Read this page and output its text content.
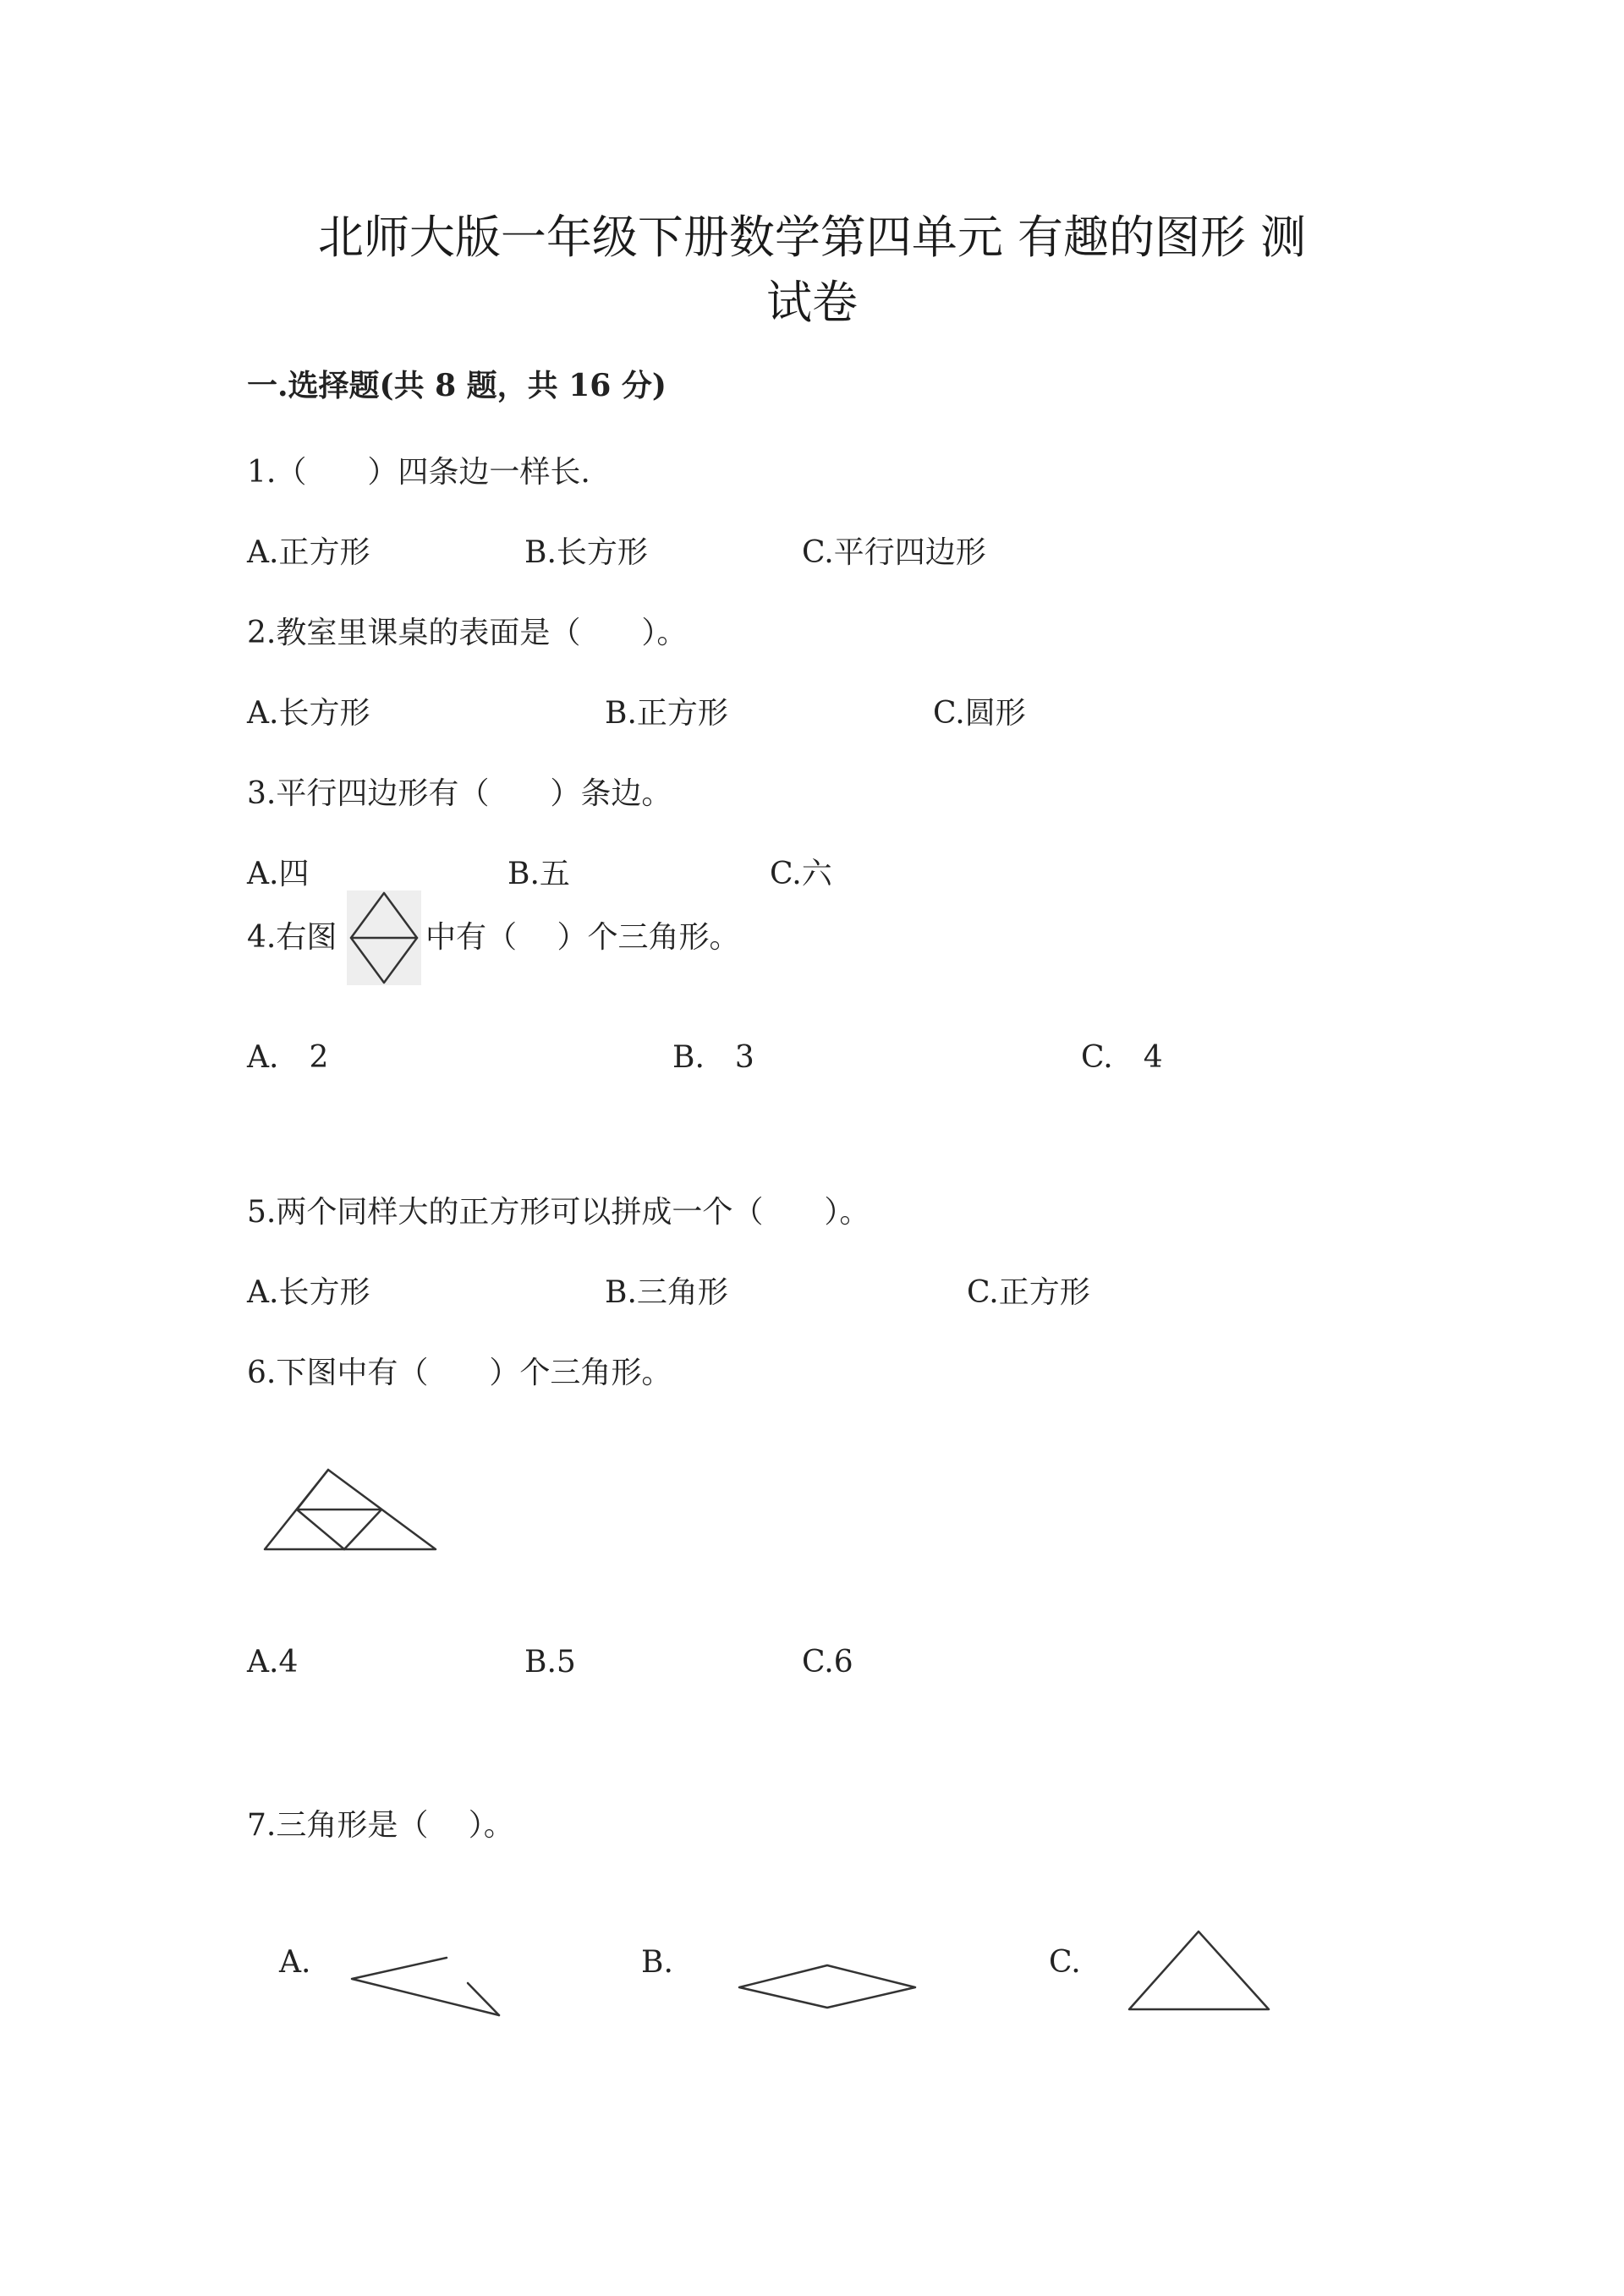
北师大版一年级下册数学第四单元 有趣的图形 测
试卷
一.选择题(共 8 题，共 16 分)
1.（　　）四条边一样长.
A.正方形	B.长方形	C.平行四边形
2.教室里课桌的表面是（　　）。
A.长方形	B.正方形	C.圆形
3.平行四边形有（　　）条边。
A.四	B.五	C.六
4.右图	中有（　 ）个三角形。
A.　2	B.　3	C.　4
5.两个同样大的正方形可以拼成一个（　　）。
A.长方形	B.三角形	C.正方形
6.下图中有（　　）个三角形。
A.4	B.5	C.6
7.三角形是（　 ）。
A.	B.	C.
